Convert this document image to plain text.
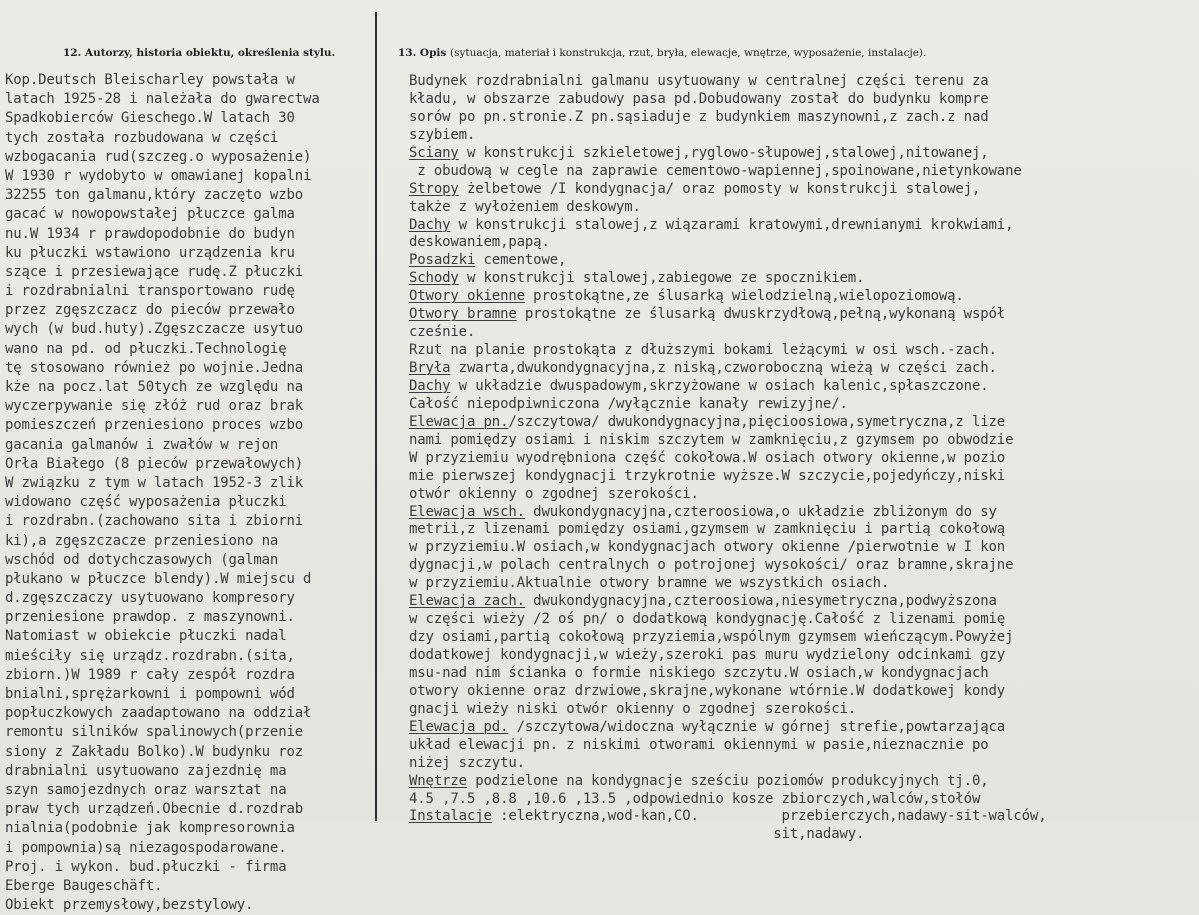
12. Autorzy, historia obiektu, określenia stylu.	13. Opis (sytuacja, materiał i konstrukcja, rzut, bryła, elewacje, wnętrze, wyposażenie, instalacje).
Kop.Deutsch Bleischarley powstała w
latach 1925-28 i należała do gwarectwa
Spadkobierców Gieschego.W latach 30
tych została rozbudowana w części
wzbogacania rud(szczeg.o wyposażenie)
W 1930 r wydobyto w omawianej kopalni
32255 ton galmanu,który zaczęto wzbo
gacać w nowopowstałej płuczce galma
nu.W 1934 r prawdopodobnie do budyn
ku płuczki wstawiono urządzenia kru
szące i przesiewające rudę.Z płuczki
i rozdrabnialni transportowano rudę
przez zgęszczacz do pieców przewało
wych (w bud.huty).Zgęszczacze usytuo
wano na pd. od płuczki.Technologię
tę stosowano również po wojnie.Jedna
kże na pocz.lat 50tych ze względu na
wyczerpywanie się złóż rud oraz brak
pomieszczeń przeniesiono proces wzbo
gacania galmanów i zwałów w rejon
Orła Białego (8 pieców przewałowych)
W związku z tym w latach 1952-3 zlik
widowano część wyposażenia płuczki
i rozdrabn.(zachowano sita i zbiorni
ki),a zgęszczacze przeniesiono na
wschód od dotychczasowych (galman
płukano w płuczce blendy).W miejscu d
d.zgęszczaczy usytuowano kompresory
przeniesione prawdop. z maszynowni.
Natomiast w obiekcie płuczki nadal
mieściły się urządz.rozdrabn.(sita,
zbiorn.)W 1989 r cały zespół rozdra
bnialni,sprężarkowni i pompowni wód
popłuczkowych zaadaptowano na oddział
remontu silników spalinowych(przenie
siony z Zakładu Bolko).W budynku roz
drabnialni usytuowano zajezdnię ma
szyn samojezdnych oraz warsztat na
praw tych urządzeń.Obecnie d.rozdrab
nialnia(podobnie jak kompresorownia
i pompownia)są niezagospodarowane.
Proj. i wykon. bud.płuczki - firma
Eberge Baugeschäft.
Obiekt przemysłowy,bezstylowy.
Budynek rozdrabnialni galmanu usytuowany w centralnej części terenu za
kładu, w obszarze zabudowy pasa pd.Dobudowany został do budynku kompre
sorów po pn.stronie.Z pn.sąsiaduje z budynkiem maszynowni,z zach.z nad
szybiem.
Ściany w konstrukcji szkieletowej,ryglowo-słupowej,stalowej,nitowanej,
z obudową w cegle na zaprawie cementowo-wapiennej,spoinowane,nietynkowane
Stropy żelbetowe /I kondygnacja/ oraz pomosty w konstrukcji stalowej,
także z wyłożeniem deskowym.
Dachy w konstrukcji stalowej,z wiązarami kratowymi,drewnianymi krokwiami,
deskowaniem,papą.
Posadzki cementowe,
Schody w konstrukcji stalowej,zabiegowe ze spocznikiem.
Otwory okienne prostokątne,ze ślusarką wielodzielną,wielopoziomową.
Otwory bramne prostokątne ze ślusarką dwuskrzydłową,pełną,wykonaną współ
cześnie.
Rzut na planie prostokąta z dłuższymi bokami leżącymi w osi wsch.-zach.
Bryła zwarta,dwukondygnacyjna,z niską,czworoboczną wieżą w części zach.
Dachy w układzie dwuspadowym,skrzyżowane w osiach kalenic,spłaszczone.
Całość niepodpiwniczona /wyłącznie kanały rewizyjne/.
Elewacja pn./szczytowa/ dwukondygnacyjna,pięcioosiowa,symetryczna,z lize
nami pomiędzy osiami i niskim szczytem w zamknięciu,z gzymsem po obwodzie
W przyziemiu wyodrębniona część cokołowa.W osiach otwory okienne,w pozio
mie pierwszej kondygnacji trzykrotnie wyższe.W szczycie,pojedyńczy,niski
otwór okienny o zgodnej szerokości.
Elewacja wsch. dwukondygnacyjna,czteroosiowa,o układzie zbliżonym do sy
metrii,z lizenami pomiędzy osiami,gzymsem w zamknięciu i partią cokołową
w przyziemiu.W osiach,w kondygnacjach otwory okienne /pierwotnie w I kon
dygnacji,w polach centralnych o potrojonej wysokości/ oraz bramne,skrajne
w przyziemiu.Aktualnie otwory bramne we wszystkich osiach.
Elewacja zach. dwukondygnacyjna,czteroosiowa,niesymetryczna,podwyższona
w części wieży /2 oś pn/ o dodatkową kondygnację.Całość z lizenami pomię
dzy osiami,partią cokołową przyziemia,wspólnym gzymsem wieńczącym.Powyżej
dodatkowej kondygnacji,w wieży,szeroki pas muru wydzielony odcinkami gzy
msu-nad nim ścianka o formie niskiego szczytu.W osiach,w kondygnacjach
otwory okienne oraz drzwiowe,skrajne,wykonane wtórnie.W dodatkowej kondy
gnacji wieży niski otwór okienny o zgodnej szerokości.
Elewacja pd. /szczytowa/widoczna wyłącznie w górnej strefie,powtarzająca
układ elewacji pn. z niskimi otworami okiennymi w pasie,nieznacznie po
niżej szczytu.
Wnętrze podzielone na kondygnacje sześciu poziomów produkcyjnych tj.0,
4.5 ,7.5 ,8.8 ,10.6 ,13.5 ,odpowiednio kosze zbiorczych,walców,stołów
Instalacje :elektryczna,wod-kan,CO.          przebierczych,nadawy-sit-walców,
sit,nadawy.
